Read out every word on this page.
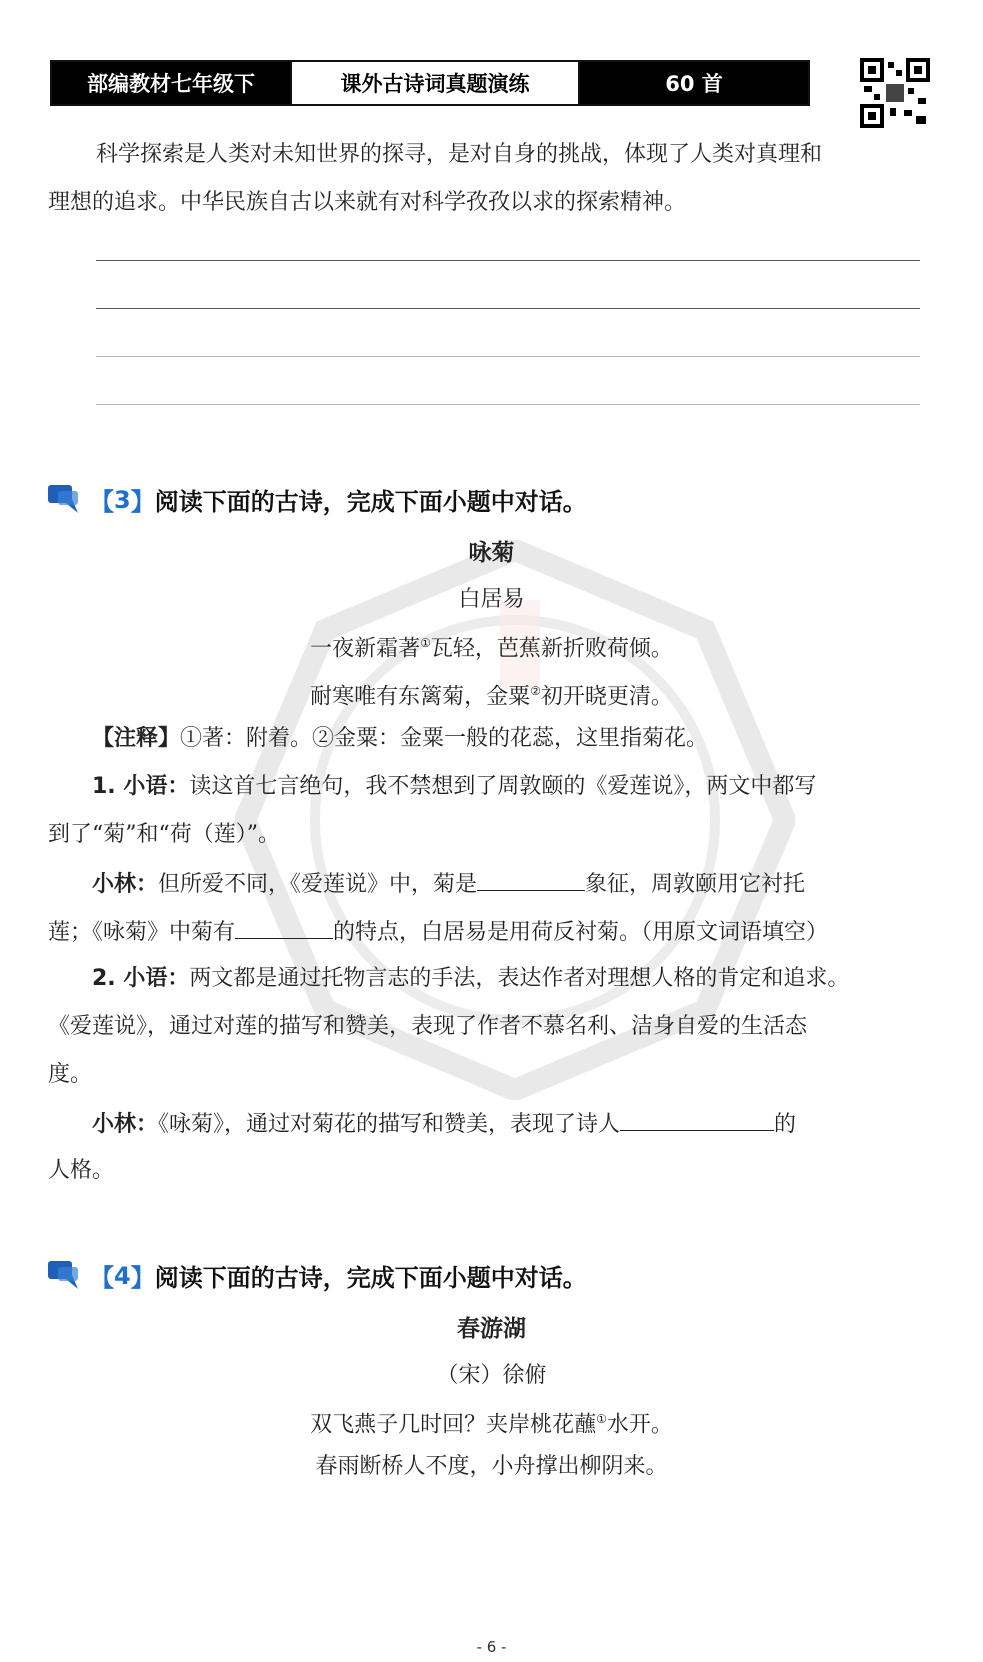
部编教材七年级下	课外古诗词真题演练	60 首
科学探索是人类对未知世界的探寻，是对自身的挑战，体现了人类对真理和
理想的追求。中华民族自古以来就有对科学孜孜以求的探索精神。
【 3 】 阅读下面的古诗，完成下面小题中对话。
咏菊
白居易
一夜新霜著①瓦轻，芭蕉新折败荷倾。
耐寒唯有东篱菊，金粟②初开晓更清。
【注释】①著：附着。②金粟：金粟一般的花蕊，这里指菊花。
1. 小语：读这首七言绝句，我不禁想到了周敦颐的《爱莲说》，两文中都写
到了“菊”和“荷（莲）”。
小林：但所爱不同，《爱莲说》中，菊是	象征，周敦颐用它衬托
莲；《咏菊》中菊有	的特点，白居易是用荷反衬菊。（用原文词语填空）
2. 小语：两文都是通过托物言志的手法，表达作者对理想人格的肯定和追求。
《爱莲说》，通过对莲的描写和赞美，表现了作者不慕名利、洁身自爱的生活态
度。
小林：《咏菊》，通过对菊花的描写和赞美，表现了诗人	的
人格。
【 4 】 阅读下面的古诗，完成下面小题中对话。
春游湖
（宋）徐俯
双飞燕子几时回？夹岸桃花蘸①水开。
春雨断桥人不度，小舟撑出柳阴来。
- 6 -
